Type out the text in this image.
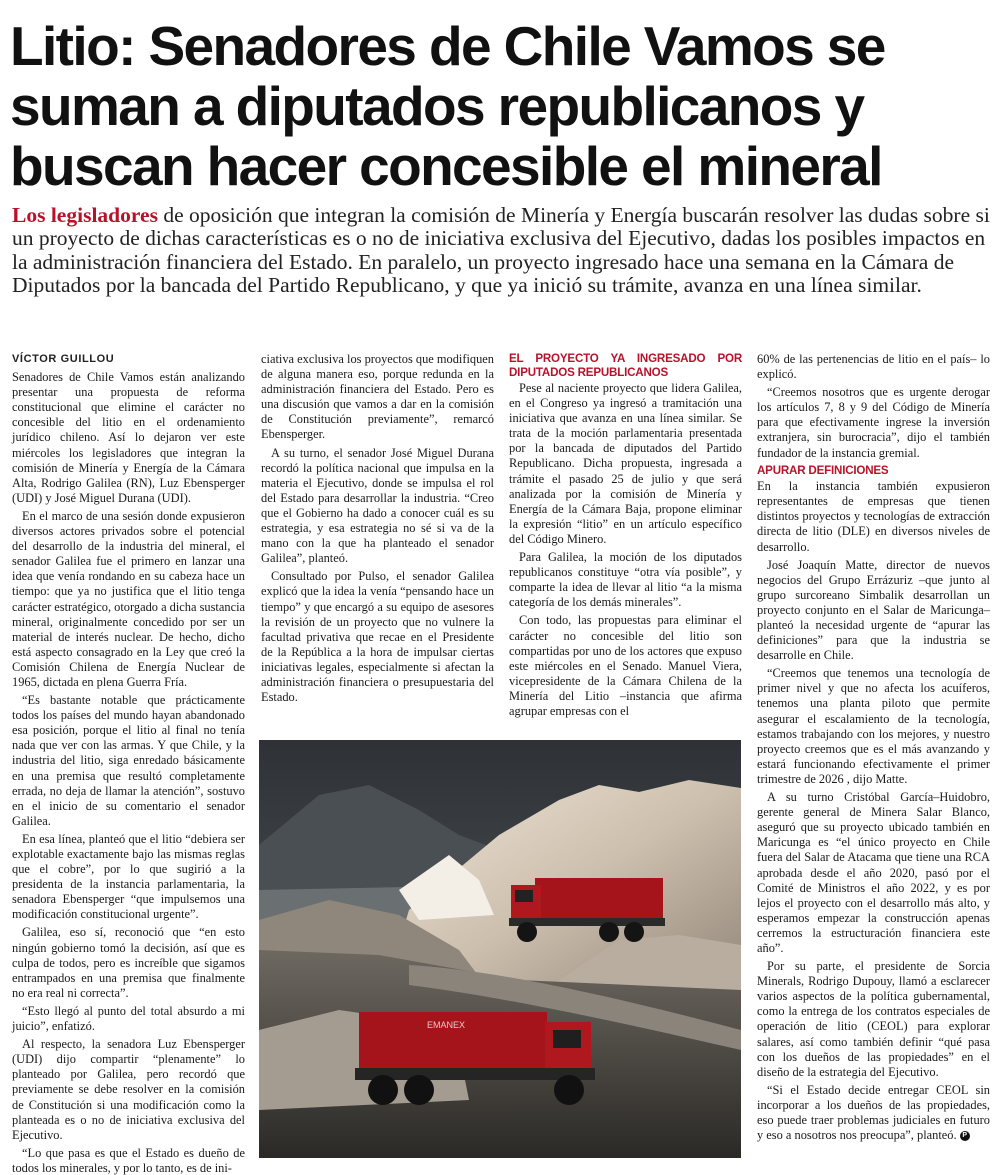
Litio: Senadores de Chile Vamos se
suman a diputados republicanos y
buscan hacer concesible el mineral
Los legisladores de oposición que integran la comisión de Minería y Energía buscarán resolver las dudas sobre si un proyecto de dichas características es o no de iniciativa exclusiva del Ejecutivo, dadas los posibles impactos en la administración financiera del Estado. En paralelo, un proyecto ingresado hace una semana en la Cámara de Diputados por la bancada del Partido Republicano, y que ya inició su trámite, avanza en una línea similar.
VÍCTOR GUILLOU

Senadores de Chile Vamos están analizando presentar una propuesta de reforma constitucional que elimine el carácter no concesible del litio en el ordenamiento jurídico chileno. Así lo dejaron ver este miércoles los legisladores que integran la comisión de Minería y Energía de la Cámara Alta, Rodrigo Galilea (RN), Luz Ebensperger (UDI) y José Miguel Durana (UDI).

En el marco de una sesión donde expusieron diversos actores privados sobre el potencial del desarrollo de la industria del mineral, el senador Galilea fue el primero en lanzar una idea que venía rondando en su cabeza hace un tiempo: que ya no justifica que el litio tenga carácter estratégico, otorgado a dicha sustancia mineral, originalmente concedido por ser un material de interés nuclear. De hecho, dicho está aspecto consagrado en la Ley que creó la Comisión Chilena de Energía Nuclear de 1965, dictada en plena Guerra Fría.

“Es bastante notable que prácticamente todos los países del mundo hayan abandonado esa posición, porque el litio al final no tenía nada que ver con las armas. Y que Chile, y la industria del litio, siga enredado básicamente en una premisa que resultó completamente errada, no deja de llamar la atención”, sostuvo en el inicio de su comentario el senador Galilea.

En esa línea, planteó que el litio “debiera ser explotable exactamente bajo las mismas reglas que el cobre”, por lo que sugirió a la presidenta de la instancia parlamentaria, la senadora Ebensperger “que impulsemos una modificación constitucional urgente”.

Galilea, eso sí, reconoció que “en esto ningún gobierno tomó la decisión, así que es culpa de todos, pero es increíble que sigamos entrampados en una premisa que finalmente no era real ni correcta”.

“Esto llegó al punto del total absurdo a mi juicio”, enfatizó.

Al respecto, la senadora Luz Ebensperger (UDI) dijo compartir “plenamente” lo planteado por Galilea, pero recordó que previamente se debe resolver en la comisión de Constitución si una modificación como la planteada es o no de iniciativa exclusiva del Ejecutivo.

“Lo que pasa es que el Estado es dueño de todos los minerales, y por lo tanto, es de ini-

ciativa exclusiva los proyectos que modifiquen de alguna manera eso, porque redunda en la administración financiera del Estado. Pero es una discusión que vamos a dar en la comisión de Constitución previamente”, remarcó Ebensperger.

A su turno, el senador José Miguel Durana recordó la política nacional que impulsa en la materia el Ejecutivo, donde se impulsa el rol del Estado para desarrollar la industria. “Creo que el Gobierno ha dado a conocer cuál es su estrategia, y esa estrategia no sé si va de la mano con la que ha planteado el senador Galilea”, planteó.

Consultado por Pulso, el senador Galilea explicó que la idea la venía “pensando hace un tiempo” y que encargó a su equipo de asesores la revisión de un proyecto que no vulnere la facultad privativa que recae en el Presidente de la República a la hora de impulsar ciertas iniciativas legales, especialmente si afectan la administración financiera o presupuestaria del Estado.

EL PROYECTO YA INGRESADO POR DIPUTADOS REPUBLICANOS

Pese al naciente proyecto que lidera Galilea, en el Congreso ya ingresó a tramitación una iniciativa que avanza en una línea similar. Se trata de la moción parlamentaria presentada por la bancada de diputados del Partido Republicano. Dicha propuesta, ingresada a trámite el pasado 25 de julio y que será analizada por la comisión de Minería y Energía de la Cámara Baja, propone eliminar la expresión “litio” en un artículo específico del Código Minero.

Para Galilea, la moción de los diputados republicanos constituye “otra vía posible”, y comparte la idea de llevar al litio “a la misma categoría de los demás minerales”.

Con todo, las propuestas para eliminar el carácter no concesible del litio son compartidas por uno de los actores que expuso este miércoles en el Senado. Manuel Viera, vicepresidente de la Cámara Chilena de la Minería del Litio –instancia que afirma agrupar empresas con el

60% de las pertenencias de litio en el país– lo explicó.

“Creemos nosotros que es urgente derogar los artículos 7, 8 y 9 del Código de Minería para que efectivamente ingrese la inversión extranjera, sin burocracia”, dijo el también fundador de la instancia gremial.

APURAR DEFINICIONES

En la instancia también expusieron representantes de empresas que tienen distintos proyectos y tecnologías de extracción directa de litio (DLE) en diversos niveles de desarrollo.

José Joaquín Matte, director de nuevos negocios del Grupo Errázuriz –que junto al grupo surcoreano Simbalik desarrollan un proyecto conjunto en el Salar de Maricunga– planteó la necesidad urgente de “apurar las definiciones” para que la industria se desarrolle en Chile.

“Creemos que tenemos una tecnología de primer nivel y que no afecta los acuíferos, tenemos una planta piloto que permite asegurar el escalamiento de la tecnología, estamos trabajando con los mejores, y nuestro proyecto creemos que es el más avanzando y estará funcionando efectivamente el primer trimestre de 2026 , dijo Matte.

A su turno Cristóbal García–Huidobro, gerente general de Minera Salar Blanco, aseguró que su proyecto ubicado también en Maricunga es “el único proyecto en Chile fuera del Salar de Atacama que tiene una RCA aprobada desde el año 2020, pasó por el Comité de Ministros el año 2022, y es por lejos el proyecto con el desarrollo más alto, y esperamos empezar la construcción apenas cerremos la estructuración financiera este año”.

Por su parte, el presidente de Sorcia Minerals, Rodrigo Dupouy, llamó a esclarecer varios aspectos de la política gubernamental, como la entrega de los contratos especiales de operación de litio (CEOL) para explorar salares, así como también definir “qué pasa con los dueños de las propiedades” en el diseño de la estrategia del Ejecutivo.

“Si el Estado decide entregar CEOL sin incorporar a los dueños de las propiedades, eso puede traer problemas judiciales en futuro y eso a nosotros nos preocupa”, planteó. P

EMANEX
